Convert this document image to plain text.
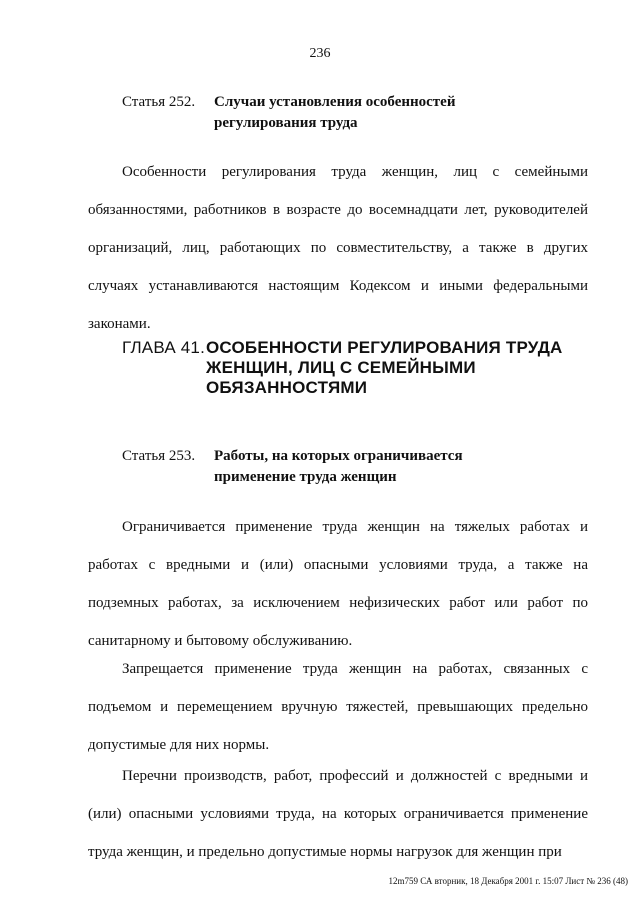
236
Статья 252. Случаи установления особенностей
регулирования труда

Особенности регулирования труда женщин, лиц с семейными обязанностями, работников в возрасте до восемнадцати лет, руководителей организаций, лиц, работающих по совместительству, а также в других случаях устанавливаются настоящим Кодексом и иными федеральными законами.

ГЛАВА 41.ОСОБЕННОСТИ РЕГУЛИРОВАНИЯ ТРУДА
ЖЕНЩИН, ЛИЦ С СЕМЕЙНЫМИ
ОБЯЗАННОСТЯМИ
Статья 253. Работы, на которых ограничивается
применение труда женщин

Ограничивается применение труда женщин на тяжелых работах и работах с вредными и (или) опасными условиями труда, а также на подземных работах, за исключением нефизических работ или работ по санитарному и бытовому обслуживанию.

Запрещается применение труда женщин на работах, связанных с подъемом и перемещением вручную тяжестей, превышающих предельно допустимые для них нормы.

Перечни производств, работ, профессий и должностей с вредными и (или) опасными условиями труда, на которых ограничивается применение труда женщин, и предельно допустимые нормы нагрузок для женщин при

12m759 СА вторник, 18 Декабря 2001 г. 15:07 Лист № 236 (48)
